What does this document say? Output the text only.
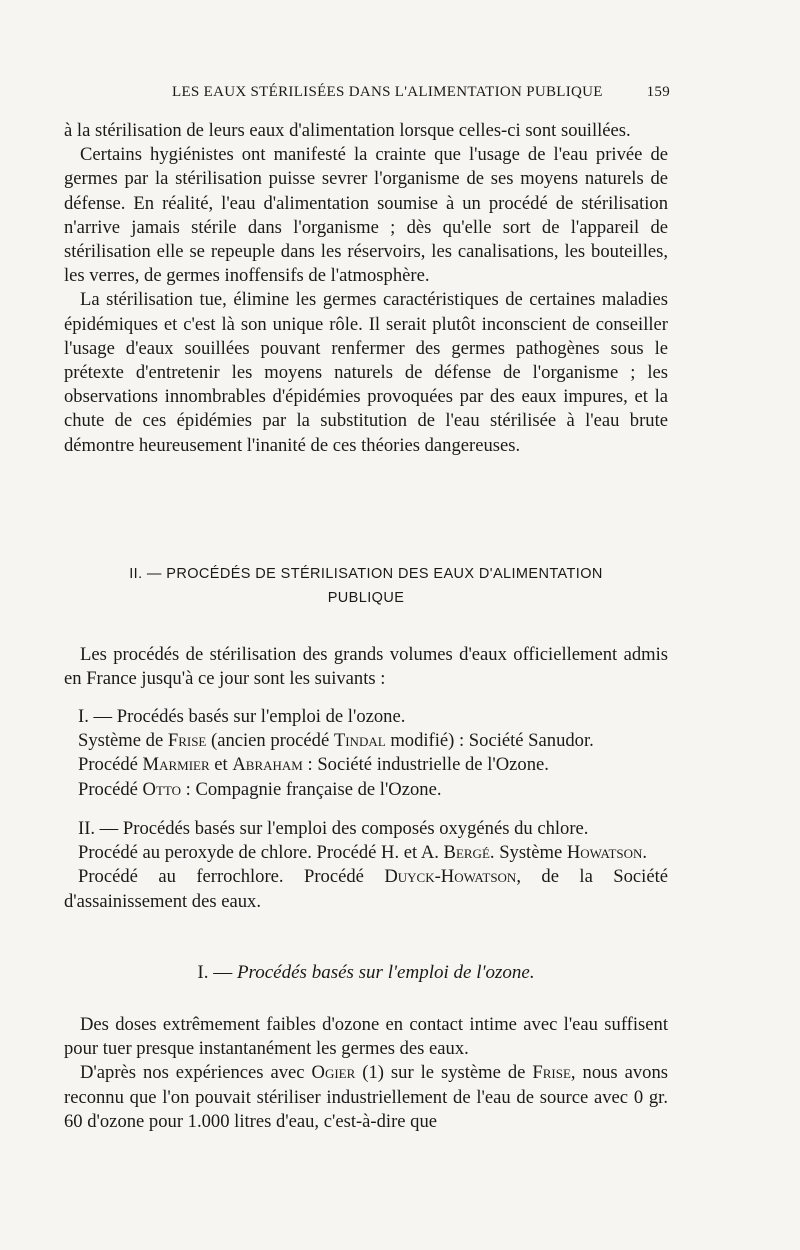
LES EAUX STÉRILISÉES DANS L'ALIMENTATION PUBLIQUE	159

à la stérilisation de leurs eaux d'alimentation lorsque celles-ci sont souillées.

Certains hygiénistes ont manifesté la crainte que l'usage de l'eau privée de germes par la stérilisation puisse sevrer l'organisme de ses moyens naturels de défense. En réalité, l'eau d'alimentation soumise à un procédé de stérilisation n'arrive jamais stérile dans l'organisme ; dès qu'elle sort de l'appareil de stérilisation elle se repeuple dans les réservoirs, les canalisations, les bouteilles, les verres, de germes inoffensifs de l'atmosphère.

La stérilisation tue, élimine les germes caractéristiques de certaines maladies épidémiques et c'est là son unique rôle. Il serait plutôt inconscient de conseiller l'usage d'eaux souillées pouvant renfermer des germes pathogènes sous le prétexte d'entretenir les moyens naturels de défense de l'organisme ; les observations innombrables d'épidémies provoquées par des eaux impures, et la chute de ces épidémies par la substitution de l'eau stérilisée à l'eau brute démontre heureusement l'inanité de ces théories dangereuses.

II. — PROCÉDÉS DE STÉRILISATION DES EAUX D'ALIMENTATION
PUBLIQUE

Les procédés de stérilisation des grands volumes d'eaux officiellement admis en France jusqu'à ce jour sont les suivants :

I. — Procédés basés sur l'emploi de l'ozone.

Système de Frise (ancien procédé Tindal modifié) : Société Sanudor.

Procédé Marmier et Abraham : Société industrielle de l'Ozone.

Procédé Otto : Compagnie française de l'Ozone.

II. — Procédés basés sur l'emploi des composés oxygénés du chlore.

Procédé au peroxyde de chlore. Procédé H. et A. Bergé. Système Howatson.

Procédé au ferrochlore. Procédé Duyck-Howatson, de la Société d'assainissement des eaux.

I. — Procédés basés sur l'emploi de l'ozone.

Des doses extrêmement faibles d'ozone en contact intime avec l'eau suffisent pour tuer presque instantanément les germes des eaux.

D'après nos expériences avec Ogier (1) sur le système de Frise, nous avons reconnu que l'on pouvait stériliser industriellement de l'eau de source avec 0 gr. 60 d'ozone pour 1.000 litres d'eau, c'est-à-dire que
